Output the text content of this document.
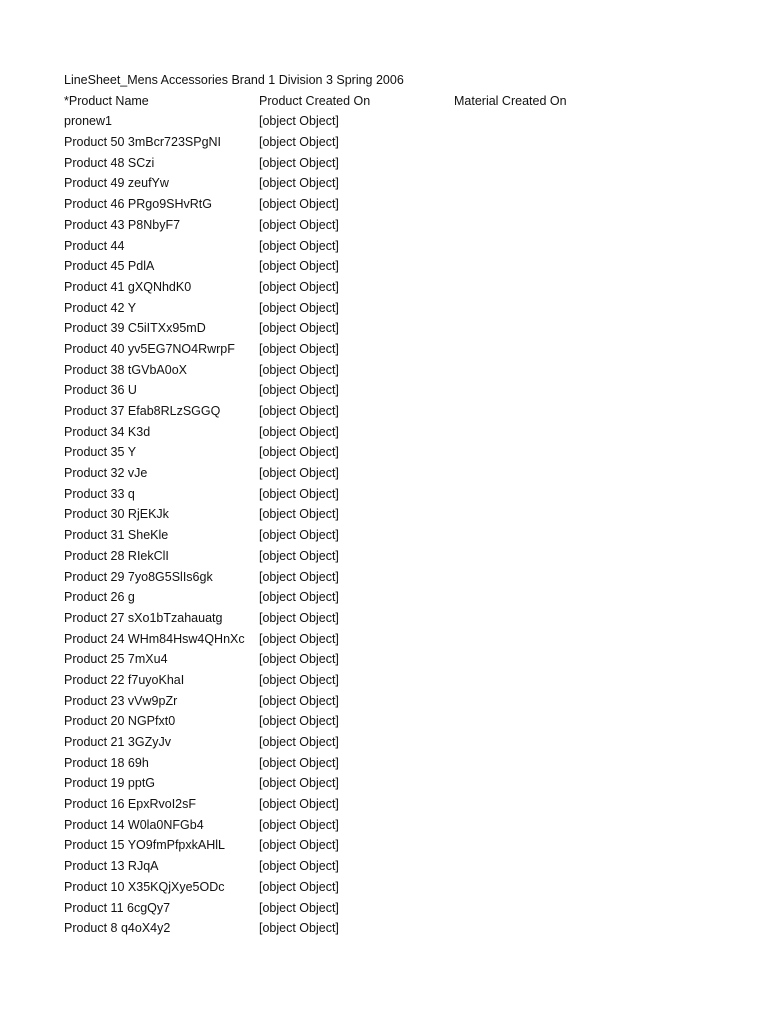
LineSheet_Mens Accessories Brand 1 Division 3 Spring 2006
*Product Name	Product Created On	Material Created On
pronew1	[object Object]
Product 50 3mBcr723SPgNI	[object Object]
Product 48 SCzi	[object Object]
Product 49 zeufYw	[object Object]
Product 46 PRgo9SHvRtG	[object Object]
Product 43 P8NbyF7	[object Object]
Product 44	[object Object]
Product 45 PdlA	[object Object]
Product 41 gXQNhdK0	[object Object]
Product 42 Y	[object Object]
Product 39 C5iITXx95mD	[object Object]
Product 40 yv5EG7NO4RwrpF	[object Object]
Product 38 tGVbA0oX	[object Object]
Product 36 U	[object Object]
Product 37 Efab8RLzSGGQ	[object Object]
Product 34 K3d	[object Object]
Product 35 Y	[object Object]
Product 32 vJe	[object Object]
Product 33 q	[object Object]
Product 30 RjEKJk	[object Object]
Product 31 SheKle	[object Object]
Product 28 RIekClI	[object Object]
Product 29 7yo8G5SlIs6gk	[object Object]
Product 26 g	[object Object]
Product 27 sXo1bTzahauatg	[object Object]
Product 24 WHm84Hsw4QHnXc	[object Object]
Product 25 7mXu4	[object Object]
Product 22 f7uyoKhaI	[object Object]
Product 23 vVw9pZr	[object Object]
Product 20 NGPfxt0	[object Object]
Product 21 3GZyJv	[object Object]
Product 18 69h	[object Object]
Product 19 pptG	[object Object]
Product 16 EpxRvoI2sF	[object Object]
Product 14 W0la0NFGb4	[object Object]
Product 15 YO9fmPfpxkAHlL	[object Object]
Product 13 RJqA	[object Object]
Product 10 X35KQjXye5ODc	[object Object]
Product 11 6cgQy7	[object Object]
Product 8 q4oX4y2	[object Object]
